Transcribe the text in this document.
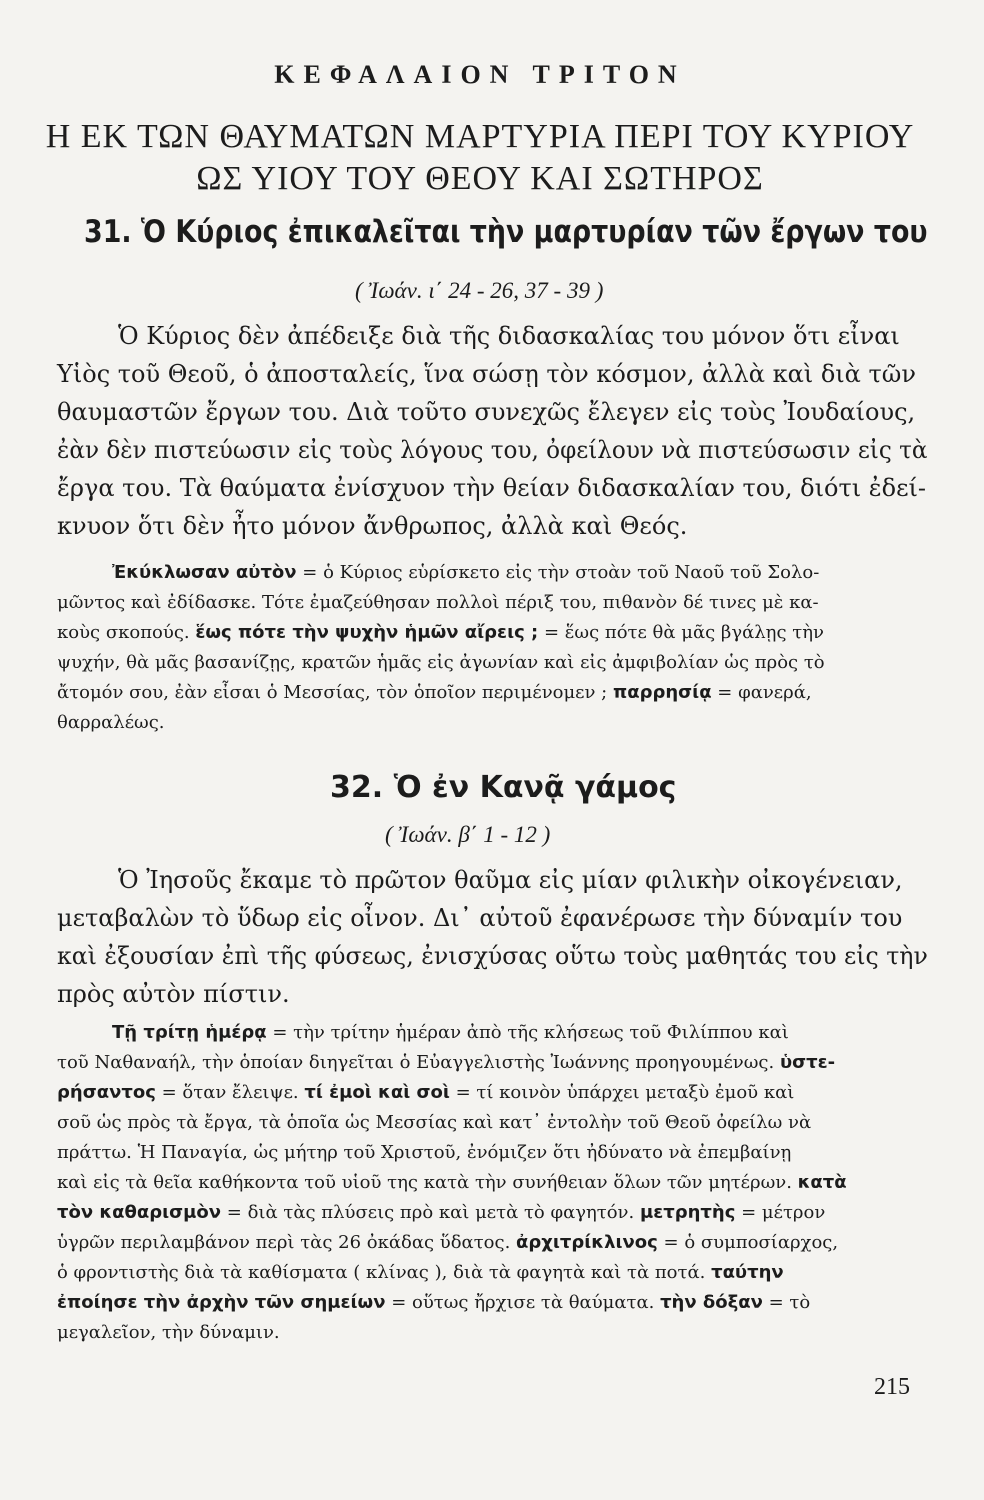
ΚΕΦΑΛΑΙΟΝ ΤΡΙΤΟΝ
Η ΕΚ ΤΩΝ ΘΑΥΜΑΤΩΝ ΜΑΡΤΥΡΙΑ ΠΕΡΙ ΤΟΥ ΚΥΡΙΟΥ
ΩΣ ΥΙΟΥ ΤΟΥ ΘΕΟΥ ΚΑΙ ΣΩΤΗΡΟΣ
31. Ὁ Κύριος ἐπικαλεῖται τὴν μαρτυρίαν τῶν ἔργων του
( Ἰωάν. ι΄ 24 - 26, 37 - 39 )
Ὁ Κύριος δὲν ἀπέδειξε διὰ τῆς διδασκαλίας του μόνον ὅτι εἶναι
Υἱὸς τοῦ Θεοῦ, ὁ ἀποσταλείς, ἵνα σώσῃ τὸν κόσμον, ἀλλὰ καὶ διὰ τῶν
θαυμαστῶν ἔργων του. Διὰ τοῦτο συνεχῶς ἔλεγεν εἰς τοὺς Ἰουδαίους,
ἐὰν δὲν πιστεύωσιν εἰς τοὺς λόγους του, ὀφείλουν νὰ πιστεύσωσιν εἰς τὰ
ἔργα του. Τὰ θαύματα ἐνίσχυον τὴν θείαν διδασκαλίαν του, διότι ἐδεί-
κνυον ὅτι δὲν ἦτο μόνον ἄνθρωπος, ἀλλὰ καὶ Θεός.
Ἐκύκλωσαν αὐτὸν = ὁ Κύριος εὑρίσκετο εἰς τὴν στοὰν τοῦ Ναοῦ τοῦ Σολο-
μῶντος καὶ ἐδίδασκε. Τότε ἐμαζεύθησαν πολλοὶ πέριξ του, πιθανὸν δέ τινες μὲ κα-
κοὺς σκοπούς. ἕως πότε τὴν ψυχὴν ἡμῶν αἴρεις ; = ἕως πότε θὰ μᾶς βγάλῃς τὴν
ψυχήν, θὰ μᾶς βασανίζῃς, κρατῶν ἡμᾶς εἰς ἀγωνίαν καὶ εἰς ἀμφιβολίαν ὡς πρὸς τὸ
ἄτομόν σου, ἐὰν εἶσαι ὁ Μεσσίας, τὸν ὁποῖον περιμένομεν ; παρρησίᾳ = φανερά,
θαρραλέως.
32. Ὁ ἐν Κανᾷ γάμος
( Ἰωάν. β΄ 1 - 12 )
Ὁ Ἰησοῦς ἔκαμε τὸ πρῶτον θαῦμα εἰς μίαν φιλικὴν οἰκογένειαν,
μεταβαλὼν τὸ ὕδωρ εἰς οἶνον. Δι᾽ αὐτοῦ ἐφανέρωσε τὴν δύναμίν του
καὶ ἐξουσίαν ἐπὶ τῆς φύσεως, ἐνισχύσας οὕτω τοὺς μαθητάς του εἰς τὴν
πρὸς αὐτὸν πίστιν.
Τῇ τρίτῃ ἡμέρᾳ = τὴν τρίτην ἡμέραν ἀπὸ τῆς κλήσεως τοῦ Φιλίππου καὶ
τοῦ Ναθαναήλ, τὴν ὁποίαν διηγεῖται ὁ Εὐαγγελιστὴς Ἰωάννης προηγουμένως. ὑστε-
ρήσαντος = ὅταν ἔλειψε. τί ἐμοὶ καὶ σοὶ = τί κοινὸν ὑπάρχει μεταξὺ ἐμοῦ καὶ
σοῦ ὡς πρὸς τὰ ἔργα, τὰ ὁποῖα ὡς Μεσσίας καὶ κατ᾽ ἐντολὴν τοῦ Θεοῦ ὀφείλω νὰ
πράττω. Ἡ Παναγία, ὡς μήτηρ τοῦ Χριστοῦ, ἐνόμιζεν ὅτι ἠδύνατο νὰ ἐπεμβαίνῃ
καὶ εἰς τὰ θεῖα καθήκοντα τοῦ υἱοῦ της κατὰ τὴν συνήθειαν ὅλων τῶν μητέρων. κατὰ
τὸν καθαρισμὸν = διὰ τὰς πλύσεις πρὸ καὶ μετὰ τὸ φαγητόν. μετρητὴς = μέτρον
ὑγρῶν περιλαμβάνον περὶ τὰς 26 ὀκάδας ὕδατος. ἀρχιτρίκλινος = ὁ συμποσίαρχος,
ὁ φροντιστὴς διὰ τὰ καθίσματα ( κλίνας ), διὰ τὰ φαγητὰ καὶ τὰ ποτά. ταύτην
ἐποίησε τὴν ἀρχὴν τῶν σημείων = οὕτως ἤρχισε τὰ θαύματα. τὴν δόξαν = τὸ
μεγαλεῖον, τὴν δύναμιν.
215
